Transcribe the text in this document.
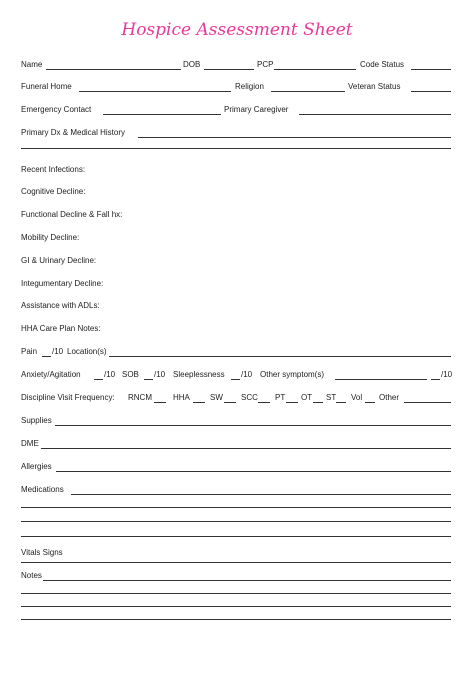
Hospice Assessment Sheet
Name	DOB	PCP	Code Status
Funeral Home	Religion	Veteran Status
Emergency Contact	Primary Caregiver
Primary Dx & Medical History
Recent Infections:
Cognitive Decline:
Functional Decline & Fall hx:
Mobility Decline:
GI & Urinary Decline:
Integumentary Decline:
Assistance with ADLs:
HHA Care Plan Notes:
Pain /10 Location(s)
Anxiety/Agitation	/10 SOB /10 Sleeplessness /10 Other symptom(s)	/10
Discipline Visit Frequency: RNCM	HHA	SW SCC PT OT ST Vol Other
Supplies
DME
Allergies
Medications
Vitals Signs
Notes
